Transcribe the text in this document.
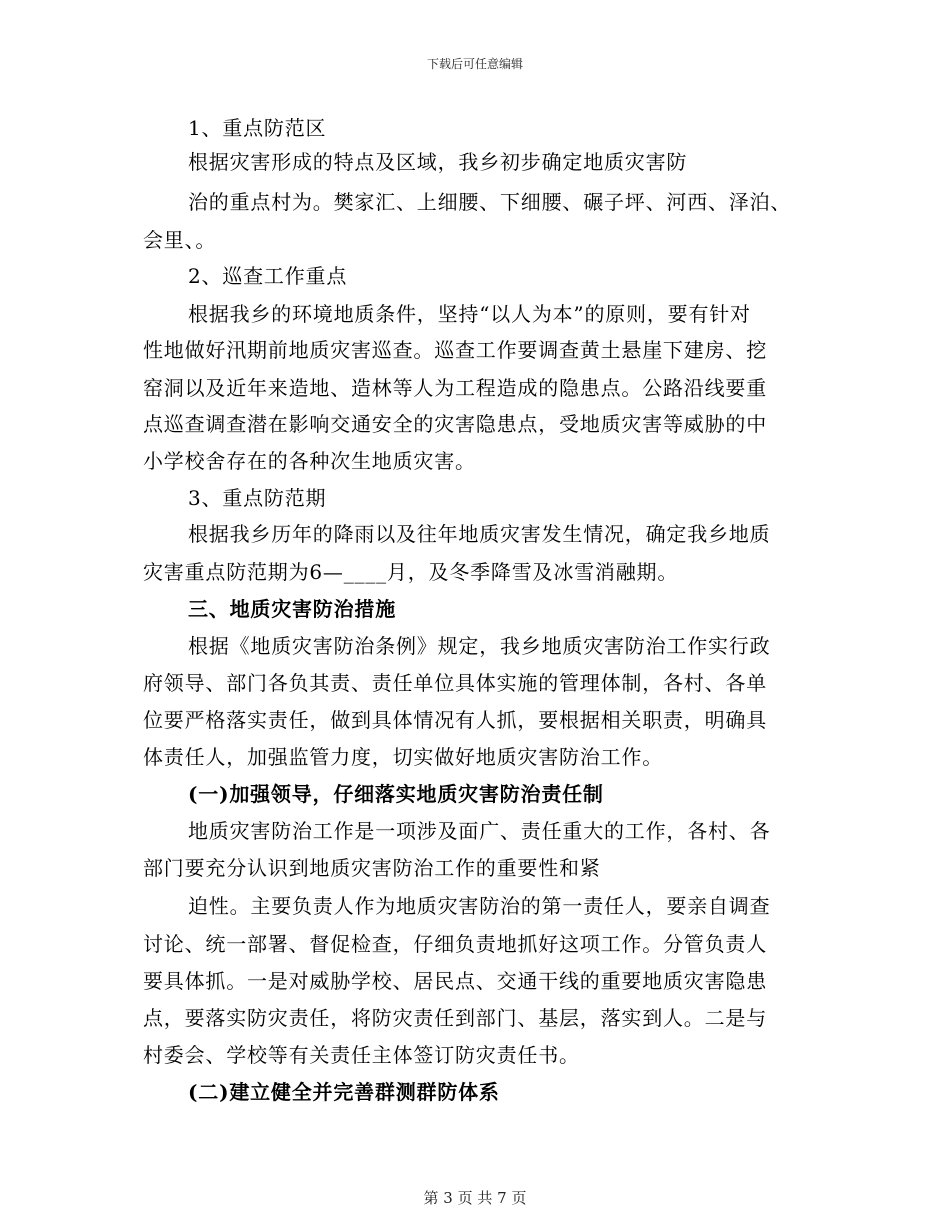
下载后可任意编辑
1、重点防范区
根据灾害形成的特点及区域，我乡初步确定地质灾害防
治的重点村为。樊家汇、上细腰、下细腰、碾子坪、河西、泽泊、
会里、。
2、巡查工作重点
根据我乡的环境地质条件，坚持“以人为本”的原则，要有针对
性地做好汛期前地质灾害巡查。巡查工作要调查黄土悬崖下建房、挖
窑洞以及近年来造地、造林等人为工程造成的隐患点。公路沿线要重
点巡查调查潜在影响交通安全的灾害隐患点，受地质灾害等威胁的中
小学校舍存在的各种次生地质灾害。
3、重点防范期
根据我乡历年的降雨以及往年地质灾害发生情况，确定我乡地质
灾害重点防范期为6—____月，及冬季降雪及冰雪消融期。
三、地质灾害防治措施
根据《地质灾害防治条例》规定，我乡地质灾害防治工作实行政
府领导、部门各负其责、责任单位具体实施的管理体制，各村、各单
位要严格落实责任，做到具体情况有人抓，要根据相关职责，明确具
体责任人，加强监管力度，切实做好地质灾害防治工作。
(一)加强领导，仔细落实地质灾害防治责任制
地质灾害防治工作是一项涉及面广、责任重大的工作，各村、各
部门要充分认识到地质灾害防治工作的重要性和紧
迫性。主要负责人作为地质灾害防治的第一责任人，要亲自调查
讨论、统一部署、督促检查，仔细负责地抓好这项工作。分管负责人
要具体抓。一是对威胁学校、居民点、交通干线的重要地质灾害隐患
点，要落实防灾责任，将防灾责任到部门、基层，落实到人。二是与
村委会、学校等有关责任主体签订防灾责任书。
(二)建立健全并完善群测群防体系
第 3 页 共 7 页
